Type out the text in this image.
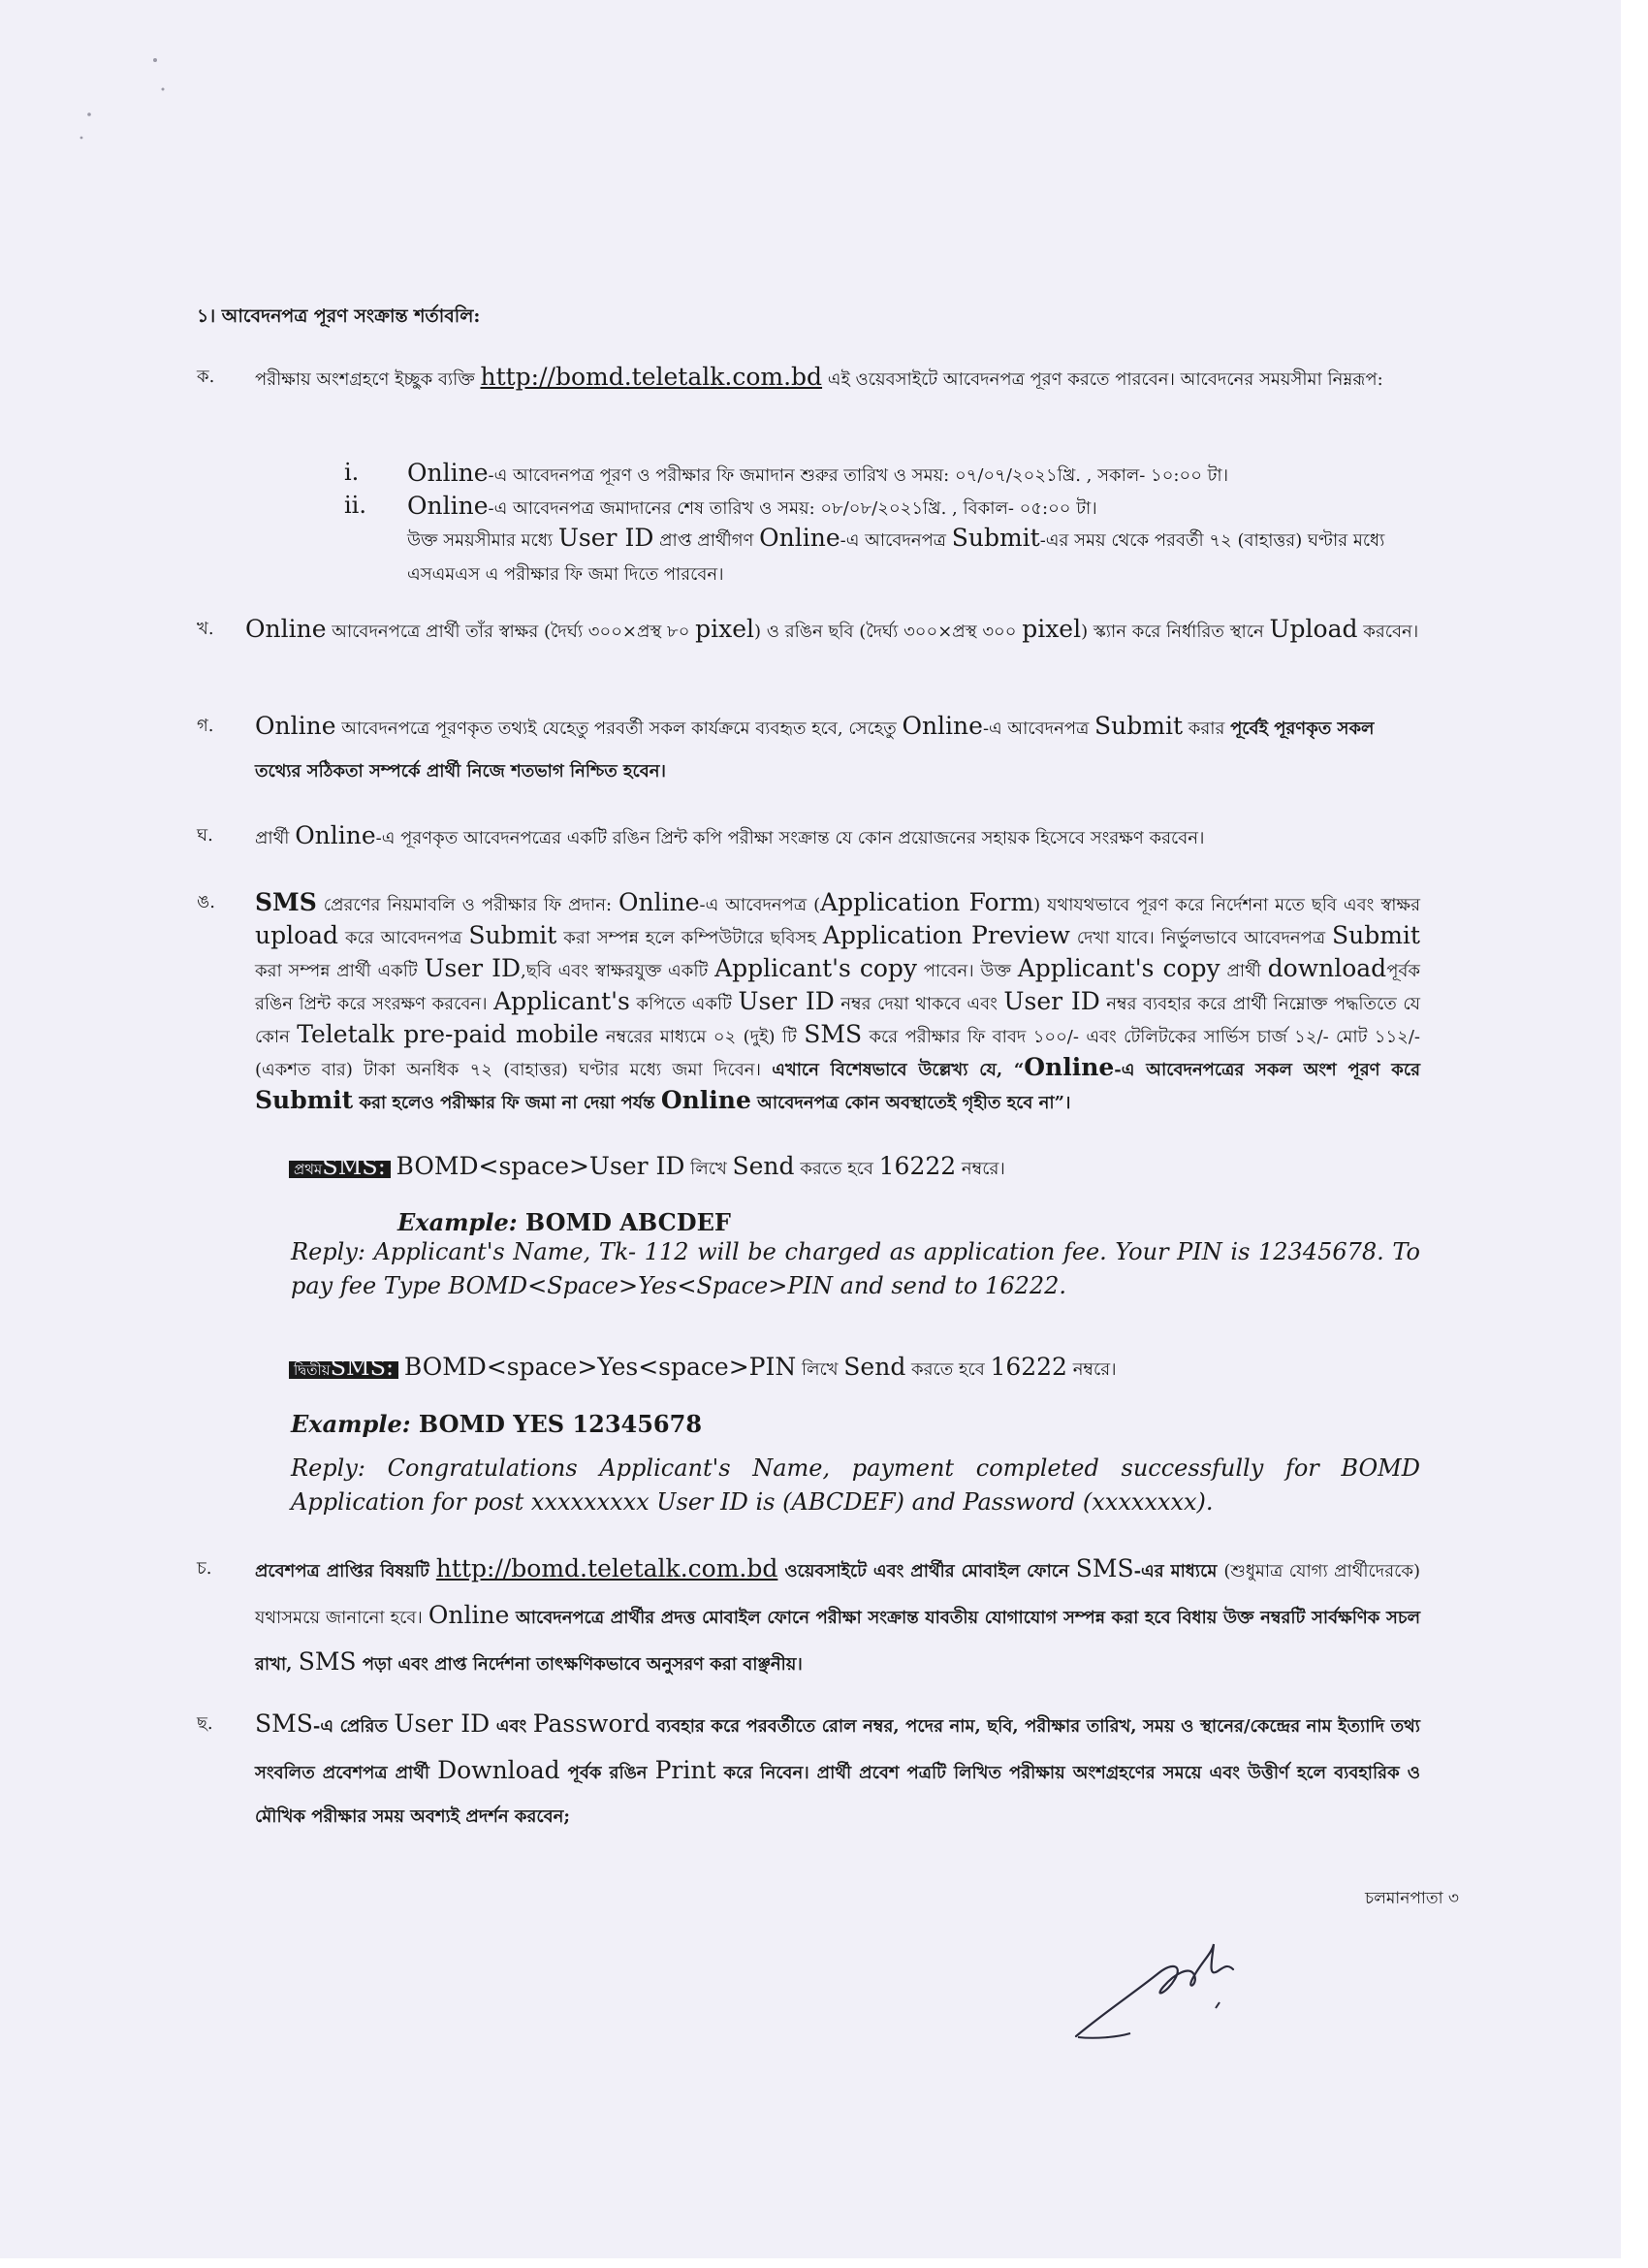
১। আবেদনপত্র পূরণ সংক্রান্ত শর্তাবলি:
ক.	পরীক্ষায় অংশগ্রহণে ইচ্ছুক ব্যক্তি http://bomd.teletalk.com.bd এই ওয়েবসাইটে আবেদনপত্র পূরণ করতে পারবেন। আবেদনের সময়সীমা নিম্নরূপ:
i. Online-এ আবেদনপত্র পূরণ ও পরীক্ষার ফি জমাদান শুরুর তারিখ ও সময়: ০৭/০৭/২০২১খ্রি. , সকাল- ১০:০০ টা।
ii. Online-এ আবেদনপত্র জমাদানের শেষ তারিখ ও সময়: ০৮/০৮/২০২১খ্রি. , বিকাল- ০৫:০০ টা।
উক্ত সময়সীমার মধ্যে User ID প্রাপ্ত প্রার্থীগণ Online-এ আবেদনপত্র Submit-এর সময় থেকে পরবর্তী ৭২ (বাহাত্তর) ঘণ্টার মধ্যে এসএমএস এ পরীক্ষার ফি জমা দিতে পারবেন।
খ.	Online আবেদনপত্রে প্রার্থী তাঁর স্বাক্ষর (দৈর্ঘ্য ৩০০×প্রস্থ ৮০ pixel) ও রঙিন ছবি (দৈর্ঘ্য ৩০০×প্রস্থ ৩০০ pixel) স্ক্যান করে নির্ধারিত স্থানে Upload করবেন।
গ.	Online আবেদনপত্রে পূরণকৃত তথ্যই যেহেতু পরবর্তী সকল কার্যক্রমে ব্যবহৃত হবে, সেহেতু Online-এ আবেদনপত্র Submit করার পূর্বেই পূরণকৃত সকল তথ্যের সঠিকতা সম্পর্কে প্রার্থী নিজে শতভাগ নিশ্চিত হবেন।
ঘ.	প্রার্থী Online-এ পূরণকৃত আবেদনপত্রের একটি রঙিন প্রিন্ট কপি পরীক্ষা সংক্রান্ত যে কোন প্রয়োজনের সহায়ক হিসেবে সংরক্ষণ করবেন।
ঙ.	SMS প্রেরণের নিয়মাবলি ও পরীক্ষার ফি প্রদান: Online-এ আবেদনপত্র (Application Form) যথাযথভাবে পূরণ করে নির্দেশনা মতে ছবি এবং স্বাক্ষর upload করে আবেদনপত্র Submit করা সম্পন্ন হলে কম্পিউটারে ছবিসহ Application Preview দেখা যাবে। নির্ভুলভাবে আবেদনপত্র Submit করা সম্পন্ন প্রার্থী একটি User ID,ছবি এবং স্বাক্ষরযুক্ত একটি Applicant's copy পাবেন। উক্ত Applicant's copy প্রার্থী downloadপূর্বক রঙিন প্রিন্ট করে সংরক্ষণ করবেন। Applicant's কপিতে একটি User ID নম্বর দেয়া থাকবে এবং User ID নম্বর ব্যবহার করে প্রার্থী নিম্নোক্ত পদ্ধতিতে যে কোন Teletalk pre-paid mobile নম্বরের মাধ্যমে ০২ (দুই) টি SMS করে পরীক্ষার ফি বাবদ ১০০/- এবং টেলিটকের সার্ভিস চার্জ ১২/- মোট ১১২/- (একশত বার) টাকা অনধিক ৭২ (বাহাত্তর) ঘণ্টার মধ্যে জমা দিবেন। এখানে বিশেষভাবে উল্লেখ্য যে, “Online-এ আবেদনপত্রের সকল অংশ পূরণ করে Submit করা হলেও পরীক্ষার ফি জমা না দেয়া পর্যন্ত Online আবেদনপত্র কোন অবস্থাতেই গৃহীত হবে না”।
প্রথমSMS: BOMD<space>User ID লিখে Send করতে হবে 16222 নম্বরে।
Example: BOMD ABCDEF
Reply: Applicant's Name, Tk- 112 will be charged as application fee. Your PIN is 12345678. To pay fee Type BOMD<Space>Yes<Space>PIN and send to 16222.
দ্বিতীয়SMS: BOMD<space>Yes<space>PIN লিখে Send করতে হবে 16222 নম্বরে।
Example: BOMD YES 12345678
Reply: Congratulations Applicant's Name, payment completed successfully for BOMD Application for post xxxxxxxxx User ID is (ABCDEF) and Password (xxxxxxxx).
চ.	প্রবেশপত্র প্রাপ্তির বিষয়টি http://bomd.teletalk.com.bd ওয়েবসাইটে এবং প্রার্থীর মোবাইল ফোনে SMS-এর মাধ্যমে (শুধুমাত্র যোগ্য প্রার্থীদেরকে) যথাসময়ে জানানো হবে। Online আবেদনপত্রে প্রার্থীর প্রদত্ত মোবাইল ফোনে পরীক্ষা সংক্রান্ত যাবতীয় যোগাযোগ সম্পন্ন করা হবে বিধায় উক্ত নম্বরটি সার্বক্ষণিক সচল রাখা, SMS পড়া এবং প্রাপ্ত নির্দেশনা তাৎক্ষণিকভাবে অনুসরণ করা বাঞ্ছনীয়।
ছ.	SMS-এ প্রেরিত User ID এবং Password ব্যবহার করে পরবর্তীতে রোল নম্বর, পদের নাম, ছবি, পরীক্ষার তারিখ, সময় ও স্থানের/কেন্দ্রের নাম ইত্যাদি তথ্য সংবলিত প্রবেশপত্র প্রার্থী Download পূর্বক রঙিন Print করে নিবেন। প্রার্থী প্রবেশ পত্রটি লিখিত পরীক্ষায় অংশগ্রহণের সময়ে এবং উত্তীর্ণ হলে ব্যবহারিক ও মৌখিক পরীক্ষার সময় অবশ্যই প্রদর্শন করবেন;
চলমানপাতা ৩
